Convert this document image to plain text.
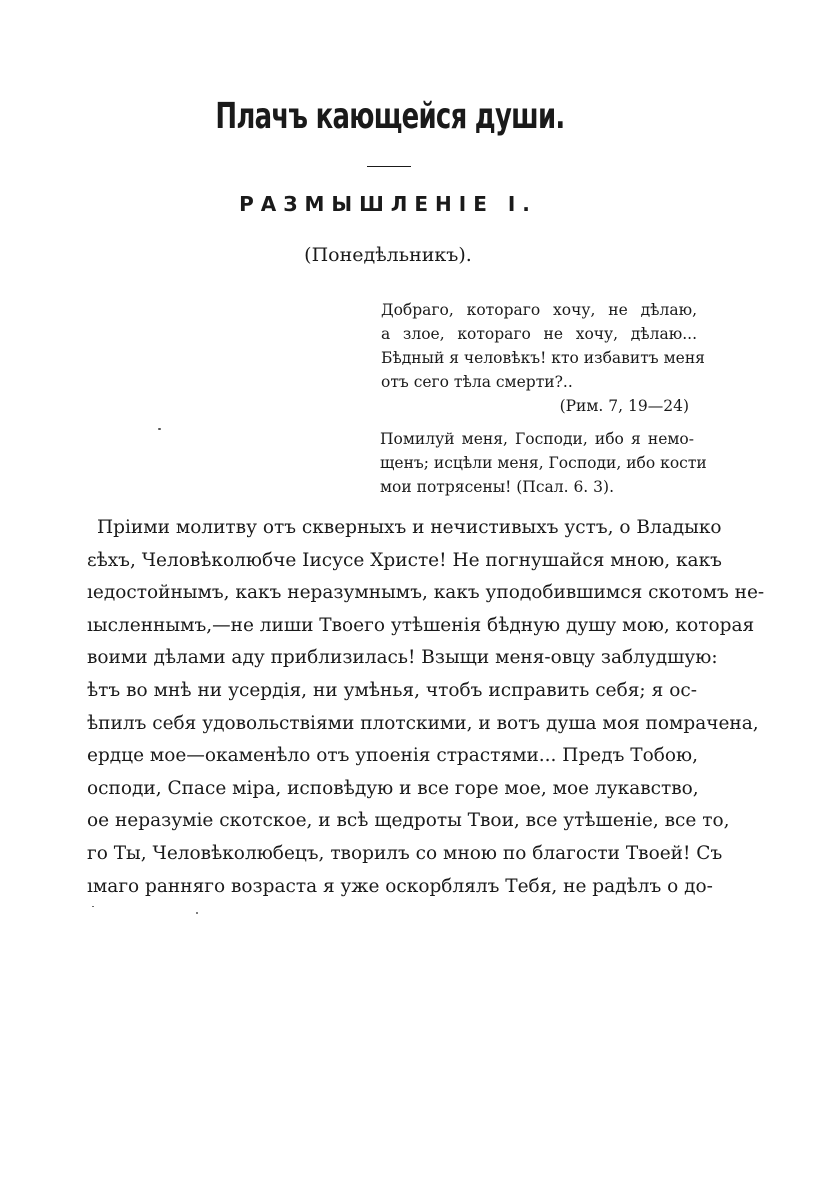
Плачъ кающейся души.
РАЗМЫШЛЕНIЕ I.
(Понедѣльникъ).
Добраго, котораго хочу, не дѣлаю,
а злое, котораго не хочу, дѣлаю...
Бѣдный я человѣкъ! кто избавитъ меня
отъ сего тѣла смерти?..
(Рим. 7, 19—24)
Помилуй меня, Господи, ибо я немо-
щенъ; исцѣли меня, Господи, ибо кости
мои потрясены! (Псал. 6. 3).
Прiими молитву отъ скверныхъ и нечистивыхъ устъ, о Владыко
ɛѣхъ, Человѣколюбче Iисусе Христе! Не погнушайся мною, какъ
ıедостойнымъ, какъ неразумнымъ, какъ уподобившимся скотомъ не-
ıысленнымъ,—не лиши Твоего утѣшенiя бѣдную душу мою, которая
воими дѣлами аду приблизилась! Взыщи меня-овцу заблудшую:
ѣтъ во мнѣ ни усердiя, ни умѣнья, чтобъ исправить себя; я ос-
ѣпилъ себя удовольствiями плотскими, и вотъ душа моя помрачена,
ердце мое—окаменѣло отъ упоенiя страстями... Предъ Тобою,
осподи, Спасе мiра, исповѣдую и все горе мое, мое лукавство,
ое неразумiе скотское, и всѣ щедроты Твои, все утѣшенiе, все то,
го Ты, Человѣколюбецъ, творилъ со мною по благости Твоей! Съ
ıмаго ранняго возраста я уже оскорблялъ Тебя, не радѣлъ о до-
